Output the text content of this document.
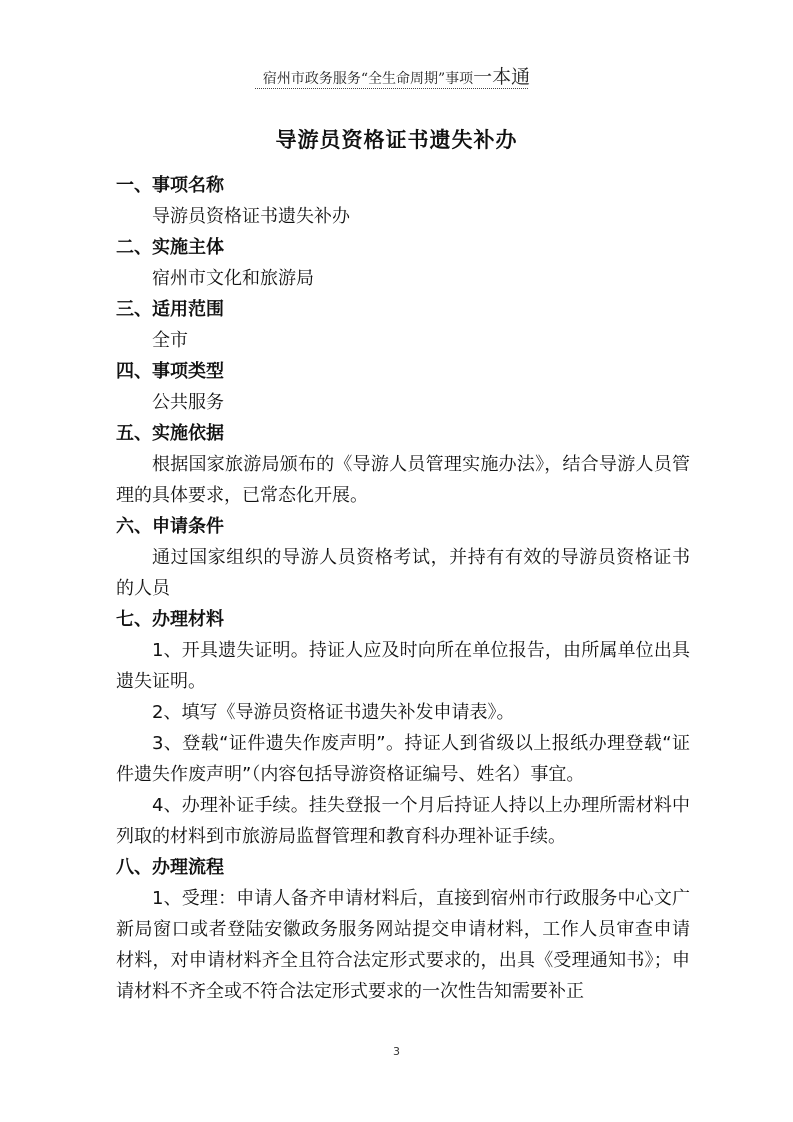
宿州市政务服务“全生命周期”事项一本通
导游员资格证书遗失补办
一、事项名称
导游员资格证书遗失补办
二、实施主体
宿州市文化和旅游局
三、适用范围
全市
四、事项类型
公共服务
五、实施依据
根据国家旅游局颁布的《导游人员管理实施办法》，结合导游人员管理的具体要求，已常态化开展。
六、申请条件
通过国家组织的导游人员资格考试，并持有有效的导游员资格证书的人员
七、办理材料
1、开具遗失证明。持证人应及时向所在单位报告，由所属单位出具遗失证明。
2、填写《导游员资格证书遗失补发申请表》。
3、登载“证件遗失作废声明”。持证人到省级以上报纸办理登载“证件遗失作废声明”（内容包括导游资格证编号、姓名）事宜。
4、办理补证手续。挂失登报一个月后持证人持以上办理所需材料中列取的材料到市旅游局监督管理和教育科办理补证手续。
八、办理流程
1、受理：申请人备齐申请材料后，直接到宿州市行政服务中心文广新局窗口或者登陆安徽政务服务网站提交申请材料，工作人员审查申请材料，对申请材料齐全且符合法定形式要求的，出具《受理通知书》；申请材料不齐全或不符合法定形式要求的一次性告知需要补正
3
